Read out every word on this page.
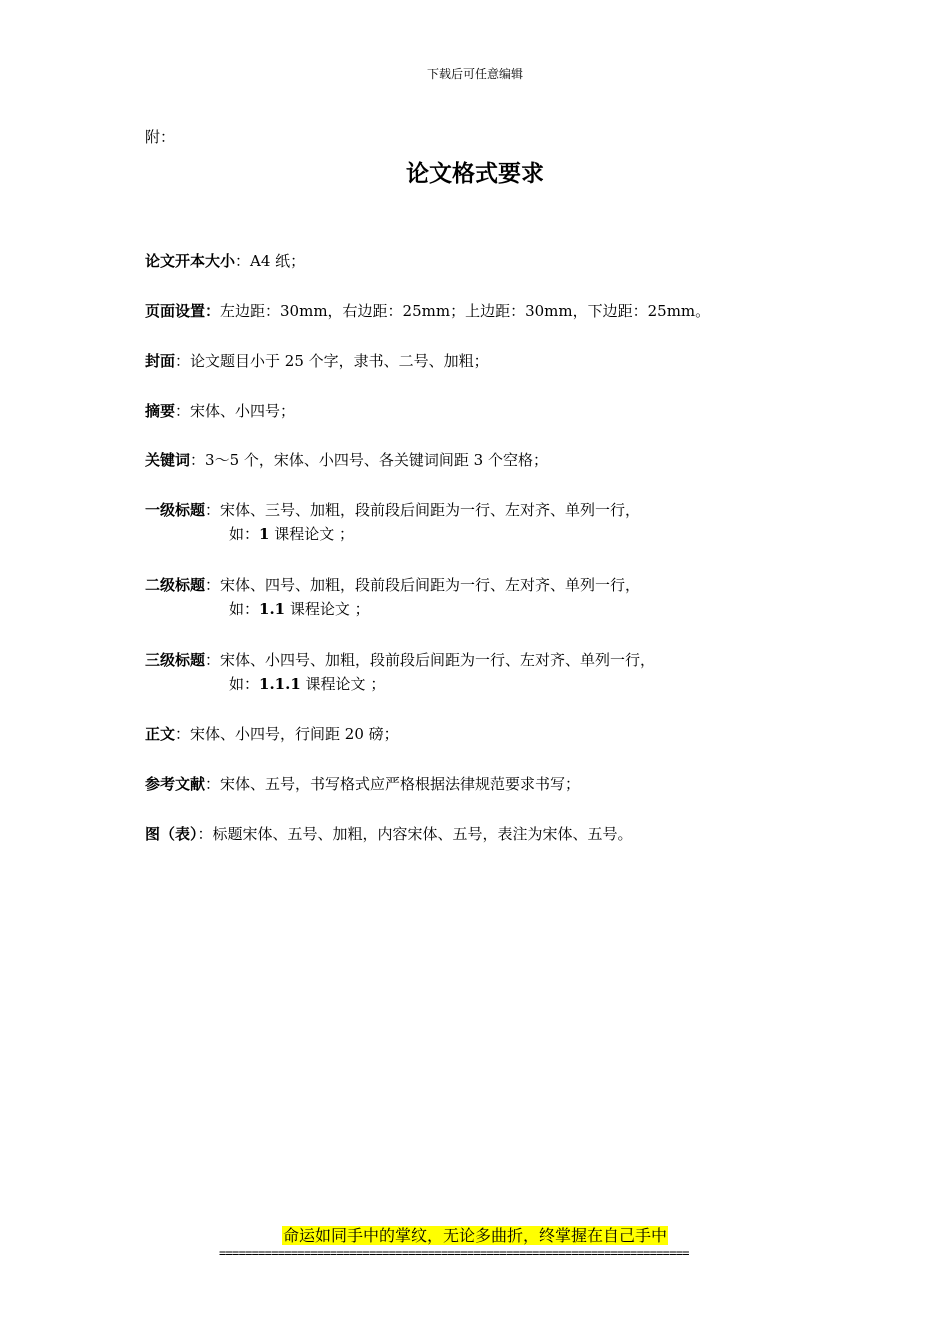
下载后可任意编辑
附：
论文格式要求
论文开本大小：A4 纸；
页面设置：左边距：30mm，右边距：25mm；上边距：30mm，下边距：25mm。
封面：论文题目小于 25 个字，隶书、二号、加粗；
摘要：宋体、小四号；
关键词：3～5 个，宋体、小四号、各关键词间距 3 个空格；
一级标题：宋体、三号、加粗，段前段后间距为一行、左对齐、单列一行，
如：1 课程论文 ；
二级标题：宋体、四号、加粗，段前段后间距为一行、左对齐、单列一行，
如：1.1 课程论文 ；
三级标题：宋体、小四号、加粗，段前段后间距为一行、左对齐、单列一行，
如：1.1.1 课程论文 ；
正文：宋体、小四号，行间距 20 磅；
参考文献：宋体、五号，书写格式应严格根据法律规范要求书写；
图（表）：标题宋体、五号、加粗，内容宋体、五号，表注为宋体、五号。
命运如同手中的掌纹，无论多曲折，终掌握在自己手中
========================================================================
